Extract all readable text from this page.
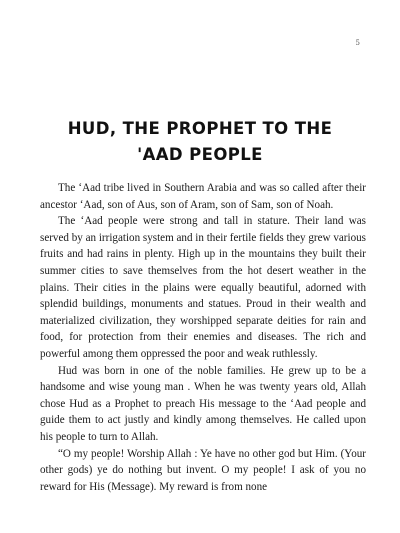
5
HUD, THE PROPHET TO THE
'AAD PEOPLE

The ‘Aad tribe lived in Southern Arabia and was so called after their ancestor ‘Aad, son of Aus, son of Aram, son of Sam, son of Noah.

The ‘Aad people were strong and tall in stature. Their land was served by an irrigation system and in their fertile fields they grew various fruits and had rains in plenty. High up in the mountains they built their summer cities to save themselves from the hot desert weather in the plains. Their cities in the plains were equally beautiful, adorned with splendid buildings, monuments and statues. Proud in their wealth and materialized civilization, they worshipped separate deities for rain and food, for protection from their enemies and diseases. The rich and powerful among them oppressed the poor and weak ruthlessly.

Hud was born in one of the noble families. He grew up to be a handsome and wise young man . When he was twenty years old, Allah chose Hud as a Prophet to preach His message to the ‘Aad people and guide them to act justly and kindly among themselves. He called upon his people to turn to Allah.

“O my people! Worship Allah : Ye have no other god but Him. (Your other gods) ye do nothing but invent. O my people! I ask of you no reward for His (Message). My reward is from none
